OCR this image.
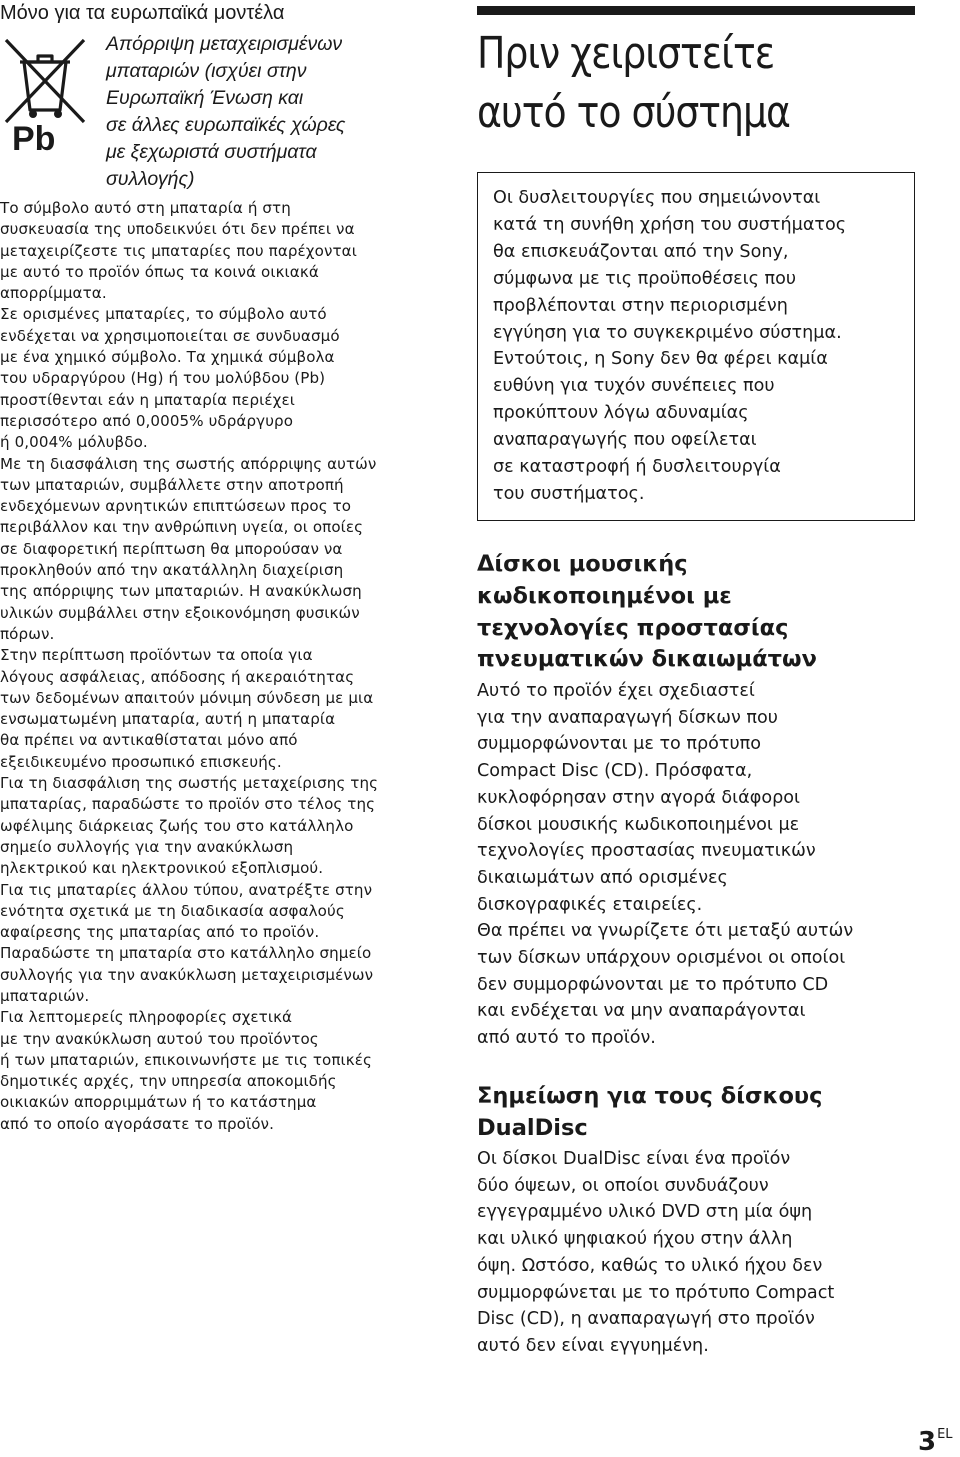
Μόνο για τα ευρωπαϊκά μοντέλα
Pb
Απόρριψη μεταχειρισμένων
μπαταριών (ισχύει στην
Ευρωπαϊκή Ένωση και
σε άλλες ευρωπαϊκές χώρες
με ξεχωριστά συστήματα
συλλογής)

Το σύμβολο αυτό στη μπαταρία ή στη

συσκευασία της υποδεικνύει ότι δεν πρέπει να

μεταχειρίζεστε τις μπαταρίες που παρέχονται

με αυτό το προϊόν όπως τα κοινά οικιακά

απορρίμματα.

Σε ορισμένες μπαταρίες, το σύμβολο αυτό

ενδέχεται να χρησιμοποιείται σε συνδυασμό

με ένα χημικό σύμβολο. Τα χημικά σύμβολα

του υδραργύρου (Hg) ή του μολύβδου (Pb)

προστίθενται εάν η μπαταρία περιέχει

περισσότερο από 0,0005% υδράργυρο

ή 0,004% μόλυβδο.

Με τη διασφάλιση της σωστής απόρριψης αυτών

των μπαταριών, συμβάλλετε στην αποτροπή

ενδεχόμενων αρνητικών επιπτώσεων προς το

περιβάλλον και την ανθρώπινη υγεία, οι οποίες

σε διαφορετική περίπτωση θα μπορούσαν να

προκληθούν από την ακατάλληλη διαχείριση

της απόρριψης των μπαταριών. Η ανακύκλωση

υλικών συμβάλλει στην εξοικονόμηση φυσικών

πόρων.

Στην περίπτωση προϊόντων τα οποία για

λόγους ασφάλειας, απόδοσης ή ακεραιότητας

των δεδομένων απαιτούν μόνιμη σύνδεση με μια

ενσωματωμένη μπαταρία, αυτή η μπαταρία

θα πρέπει να αντικαθίσταται μόνο από

εξειδικευμένο προσωπικό επισκευής.

Για τη διασφάλιση της σωστής μεταχείρισης της

μπαταρίας, παραδώστε το προϊόν στο τέλος της

ωφέλιμης διάρκειας ζωής του στο κατάλληλο

σημείο συλλογής για την ανακύκλωση

ηλεκτρικού και ηλεκτρονικού εξοπλισμού.

Για τις μπαταρίες άλλου τύπου, ανατρέξτε στην

ενότητα σχετικά με τη διαδικασία ασφαλούς

αφαίρεσης της μπαταρίας από το προϊόν.

Παραδώστε τη μπαταρία στο κατάλληλο σημείο

συλλογής για την ανακύκλωση μεταχειρισμένων

μπαταριών.

Για λεπτομερείς πληροφορίες σχετικά

με την ανακύκλωση αυτού του προϊόντος

ή των μπαταριών, επικοινωνήστε με τις τοπικές

δημοτικές αρχές, την υπηρεσία αποκομιδής

οικιακών απορριμμάτων ή το κατάστημα

από το οποίο αγοράσατε το προϊόν.

Πριν χειριστείτε
αυτό το σύστημα
Οι δυσλειτουργίες που σημειώνονται
κατά τη συνήθη χρήση του συστήματος
θα επισκευάζονται από την Sony,
σύμφωνα με τις προϋποθέσεις που
προβλέπονται στην περιορισμένη
εγγύηση για το συγκεκριμένο σύστημα.
Εντούτοις, η Sony δεν θα φέρει καμία
ευθύνη για τυχόν συνέπειες που
προκύπτουν λόγω αδυναμίας
αναπαραγωγής που οφείλεται
σε καταστροφή ή δυσλειτουργία
του συστήματος.
Δίσκοι μουσικής
κωδικοποιημένοι με
τεχνολογίες προστασίας
πνευματικών δικαιωμάτων
Αυτό το προϊόν έχει σχεδιαστεί
για την αναπαραγωγή δίσκων που
συμμορφώνονται με το πρότυπο
Compact Disc (CD). Πρόσφατα,
κυκλοφόρησαν στην αγορά διάφοροι
δίσκοι μουσικής κωδικοποιημένοι με
τεχνολογίες προστασίας πνευματικών
δικαιωμάτων από ορισμένες
δισκογραφικές εταιρείες.
Θα πρέπει να γνωρίζετε ότι μεταξύ αυτών
των δίσκων υπάρχουν ορισμένοι οι οποίοι
δεν συμμορφώνονται με το πρότυπο CD
και ενδέχεται να μην αναπαράγονται
από αυτό το προϊόν.
Σημείωση για τους δίσκους
DualDisc
Οι δίσκοι DualDisc είναι ένα προϊόν
δύο όψεων, οι οποίοι συνδυάζουν
εγγεγραμμένο υλικό DVD στη μία όψη
και υλικό ψηφιακού ήχου στην άλλη
όψη. Ωστόσο, καθώς το υλικό ήχου δεν
συμμορφώνεται με το πρότυπο Compact
Disc (CD), η αναπαραγωγή στο προϊόν
αυτό δεν είναι εγγυημένη.
$3^{EL}$
